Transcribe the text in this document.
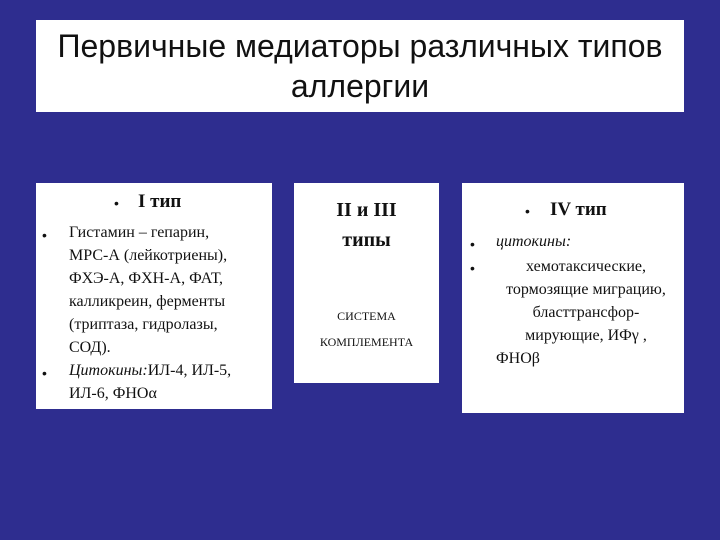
Первичные медиаторы различных типов
аллергии
• I тип
• Гистамин – гепарин,
МРС-А (лейкотриены),
ФХЭ-А, ФХН-А, ФАТ,
калликреин, ферменты
(триптаза, гидролазы,
СОД).
• Цитокины:ИЛ-4, ИЛ-5,
ИЛ-6, ФНОα
II и III
типы
СИСТЕМА
КОМПЛЕМЕНТА
• IV тип
• цитокины:
•	хемотаксические,
тормозящие миграцию,
бласттрансфор-
мирующие, ИФγ ,
ФНОβ
